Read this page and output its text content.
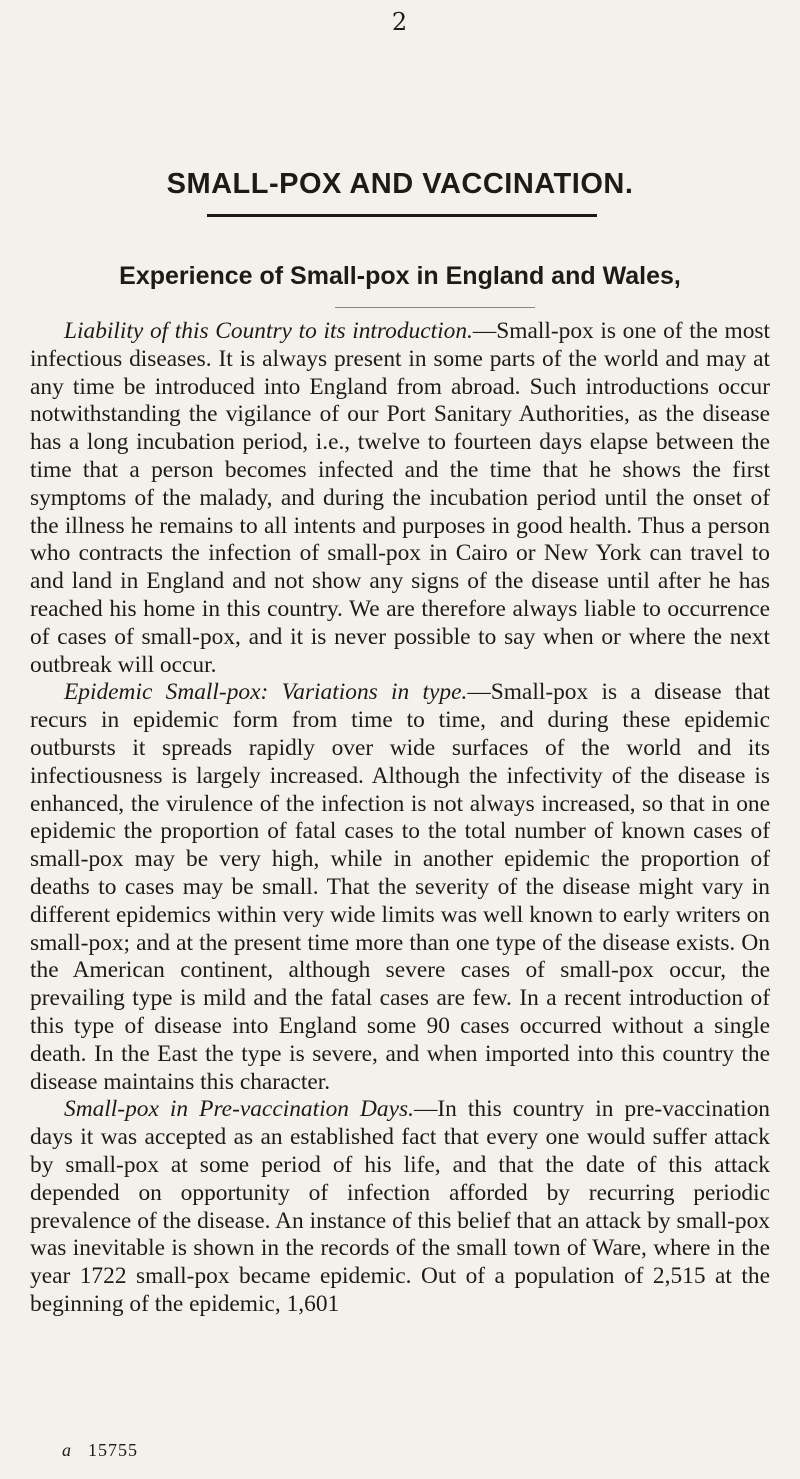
2
SMALL-POX AND VACCINATION.
Experience of Small-pox in England and Wales,

Liability of this Country to its introduction.—Small-pox is one of the most infectious diseases. It is always present in some parts of the world and may at any time be introduced into England from abroad. Such introductions occur notwithstanding the vigilance of our Port Sanitary Authorities, as the disease has a long incubation period, i.e., twelve to fourteen days elapse between the time that a person becomes infected and the time that he shows the first symptoms of the malady, and during the incubation period until the onset of the illness he remains to all intents and purposes in good health. Thus a person who contracts the infection of small-pox in Cairo or New York can travel to and land in England and not show any signs of the disease until after he has reached his home in this country. We are therefore always liable to occurrence of cases of small-pox, and it is never possible to say when or where the next outbreak will occur.

Epidemic Small-pox: Variations in type.—Small-pox is a disease that recurs in epidemic form from time to time, and during these epidemic outbursts it spreads rapidly over wide surfaces of the world and its infectiousness is largely increased. Although the infectivity of the disease is enhanced, the virulence of the infection is not always increased, so that in one epidemic the proportion of fatal cases to the total number of known cases of small-pox may be very high, while in another epidemic the proportion of deaths to cases may be small. That the severity of the disease might vary in different epidemics within very wide limits was well known to early writers on small-pox; and at the present time more than one type of the disease exists. On the American continent, although severe cases of small-pox occur, the prevailing type is mild and the fatal cases are few. In a recent introduction of this type of disease into England some 90 cases occurred without a single death. In the East the type is severe, and when imported into this country the disease maintains this character.

Small-pox in Pre-vaccination Days.—In this country in pre-vaccination days it was accepted as an established fact that every one would suffer attack by small-pox at some period of his life, and that the date of this attack depended on opportunity of infection afforded by recurring periodic prevalence of the disease. An instance of this belief that an attack by small-pox was inevitable is shown in the records of the small town of Ware, where in the year 1722 small-pox became epidemic. Out of a population of 2,515 at the beginning of the epidemic, 1,601

a 15755
